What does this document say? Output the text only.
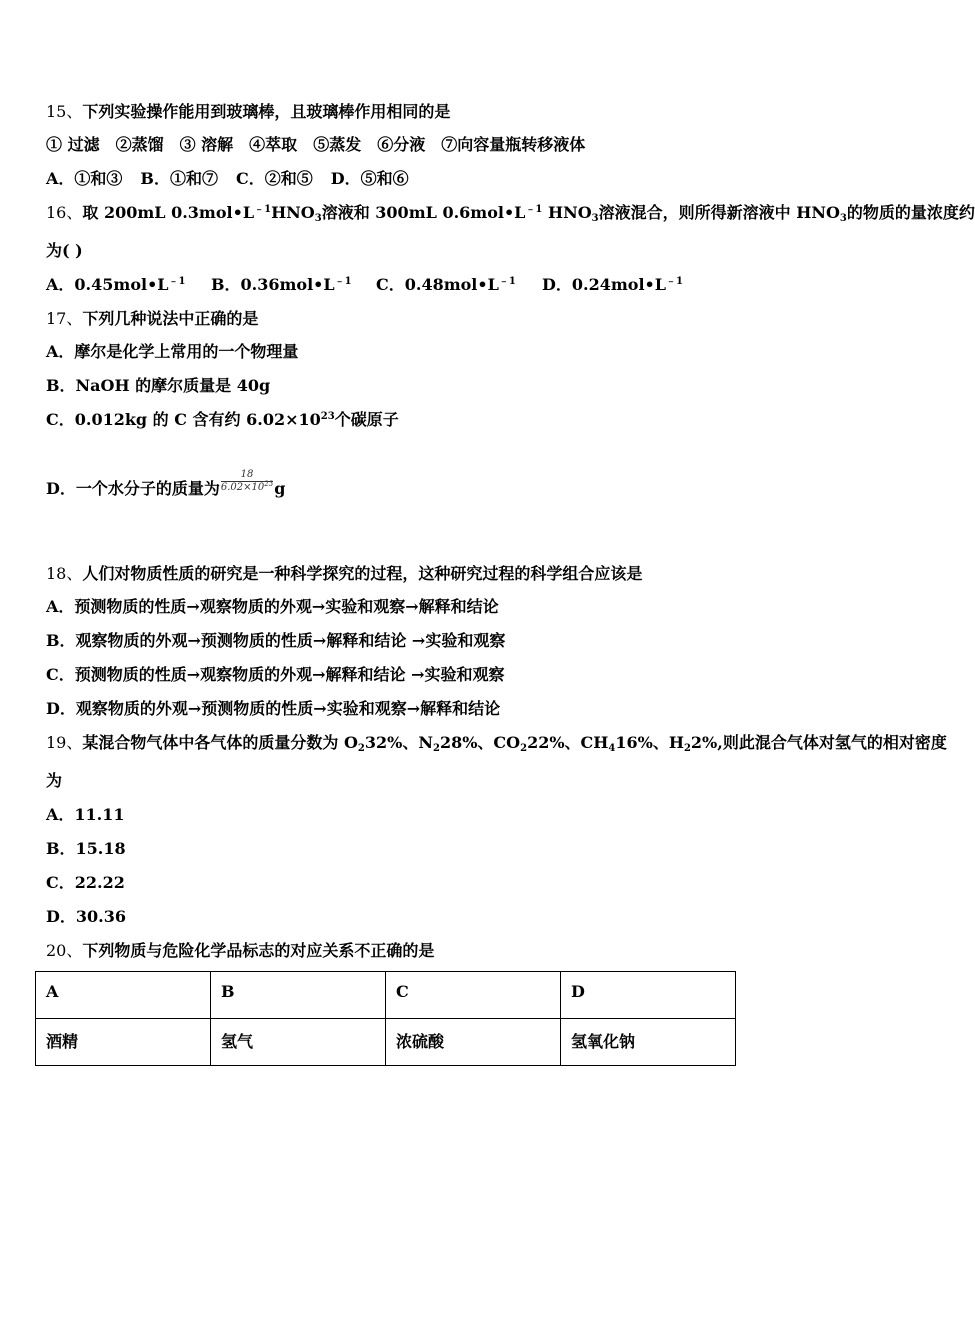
15、下列实验操作能用到玻璃棒，且玻璃棒作用相同的是
① 过滤 ②蒸馏 ③ 溶解 ④萃取 ⑤蒸发 ⑥分液 ⑦向容量瓶转移液体
A．①和③ B．①和⑦ C．②和⑤ D．⑤和⑥
16、取 200mL $0.3mol•L^{﹣1}HNO_3$溶液和 300mL $0.6mol•L^{﹣1}$ $HNO_3$溶液混合，则所得新溶液中 $HNO_3$的物质的量浓度约
为( )
A．$0.45mol•L^{﹣1}$ B．$0.36mol•L^{﹣1}$ C．$0.48mol•L^{﹣1}$ D．$0.24mol•L^{﹣1}$
17、下列几种说法中正确的是
A．摩尔是化学上常用的一个物理量
B．NaOH 的摩尔质量是 40g
C．0.012kg 的 C 含有约 $6.02\times 10^{23}$个碳原子
D．一个水分子的质量为 $\frac{18}{6.02\times 10^{23}}$ g
18、人们对物质性质的研究是一种科学探究的过程，这种研究过程的科学组合应该是
A．预测物质的性质→观察物质的外观→实验和观察→解释和结论
B．观察物质的外观→预测物质的性质→解释和结论 →实验和观察
C．预测物质的性质→观察物质的外观→解释和结论 →实验和观察
D．观察物质的外观→预测物质的性质→实验和观察→解释和结论
19、某混合物气体中各气体的质量分数为 $O_232\%$、$N_228\%$、$CO_222\%$、$CH_416\%$、$H_22\%$,则此混合气体对氢气的相对密度
为
A．11.11
B．15.18
C．22.22
D．30.36
20、下列物质与危险化学品标志的对应关系不正确的是
A	B	C	D
酒精	氢气	浓硫酸	氢氧化钠
